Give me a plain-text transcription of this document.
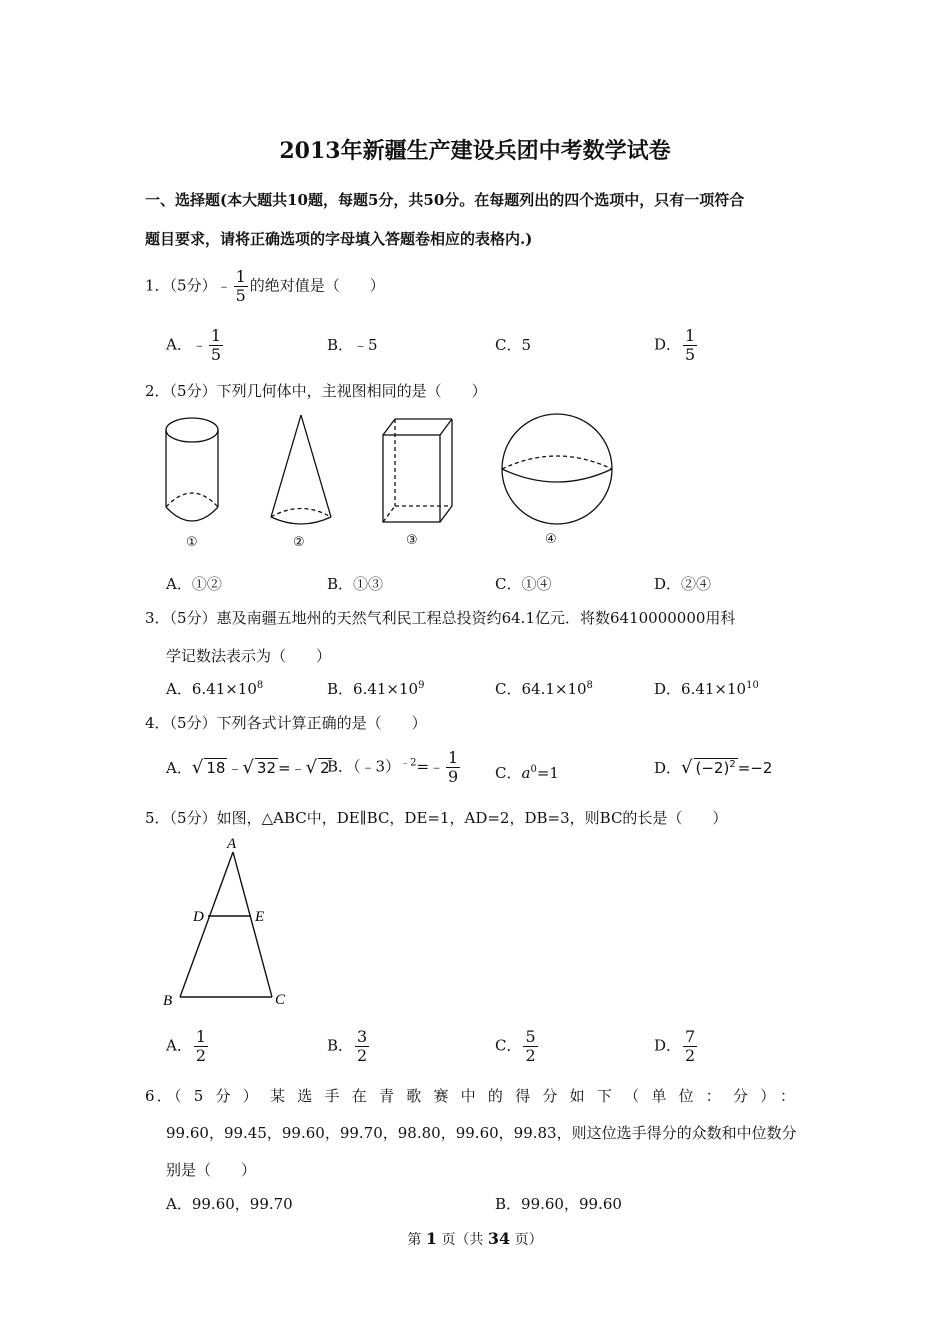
2013年新疆生产建设兵团中考数学试卷
一、选择题(本大题共10题，每题5分，共50分。在每题列出的四个选项中，只有一项符合
题目要求，请将正确选项的字母填入答题卷相应的表格内.)
1．（5分）﹣ $\frac{1}{5}$ 的绝对值是（　　）
A．﹣ $\frac{1}{5}$	B．﹣5	C．5	D． $\frac{1}{5}$
2．（5分）下列几何体中，主视图相同的是（　　）
①	②	③	④
A．①②	B．①③	C．①④	D．②④
3．（5分）惠及南疆五地州的天然气利民工程总投资约64.1亿元．将数6410000000用科
学记数法表示为（　　）
A．$6.41\times 10^8$	B．$6.41\times 10^9$	C．$64.1\times 10^8$	D．$6.41\times 10^{10}$
4．（5分）下列各式计算正确的是（　　）
A．√ 18 ﹣√ 32 =﹣√ 2
B．（﹣3）$^{﹣2}$=﹣ $\frac{1}{9}$ C．$a^0=1$	D．√ $(-2)^2 =-2$
5．（5分）如图，△ABC中，DE∥BC，DE=1，AD=2，DB=3，则BC的长是（　　）
A
D	E
B	C
A． $\frac{1}{2}$	B． $\frac{3}{2}$	C． $\frac{5}{2}$	D． $\frac{7}{2}$
6．（5分）某选手在青歌赛中的得分如下（单位：分）：
99.60，99.45，99.60，99.70，98.80，99.60，99.83，则这位选手得分的众数和中位数分
别是（　　）
A．99.60，99.70	B．99.60，99.60
第 1 页（共 34 页）
